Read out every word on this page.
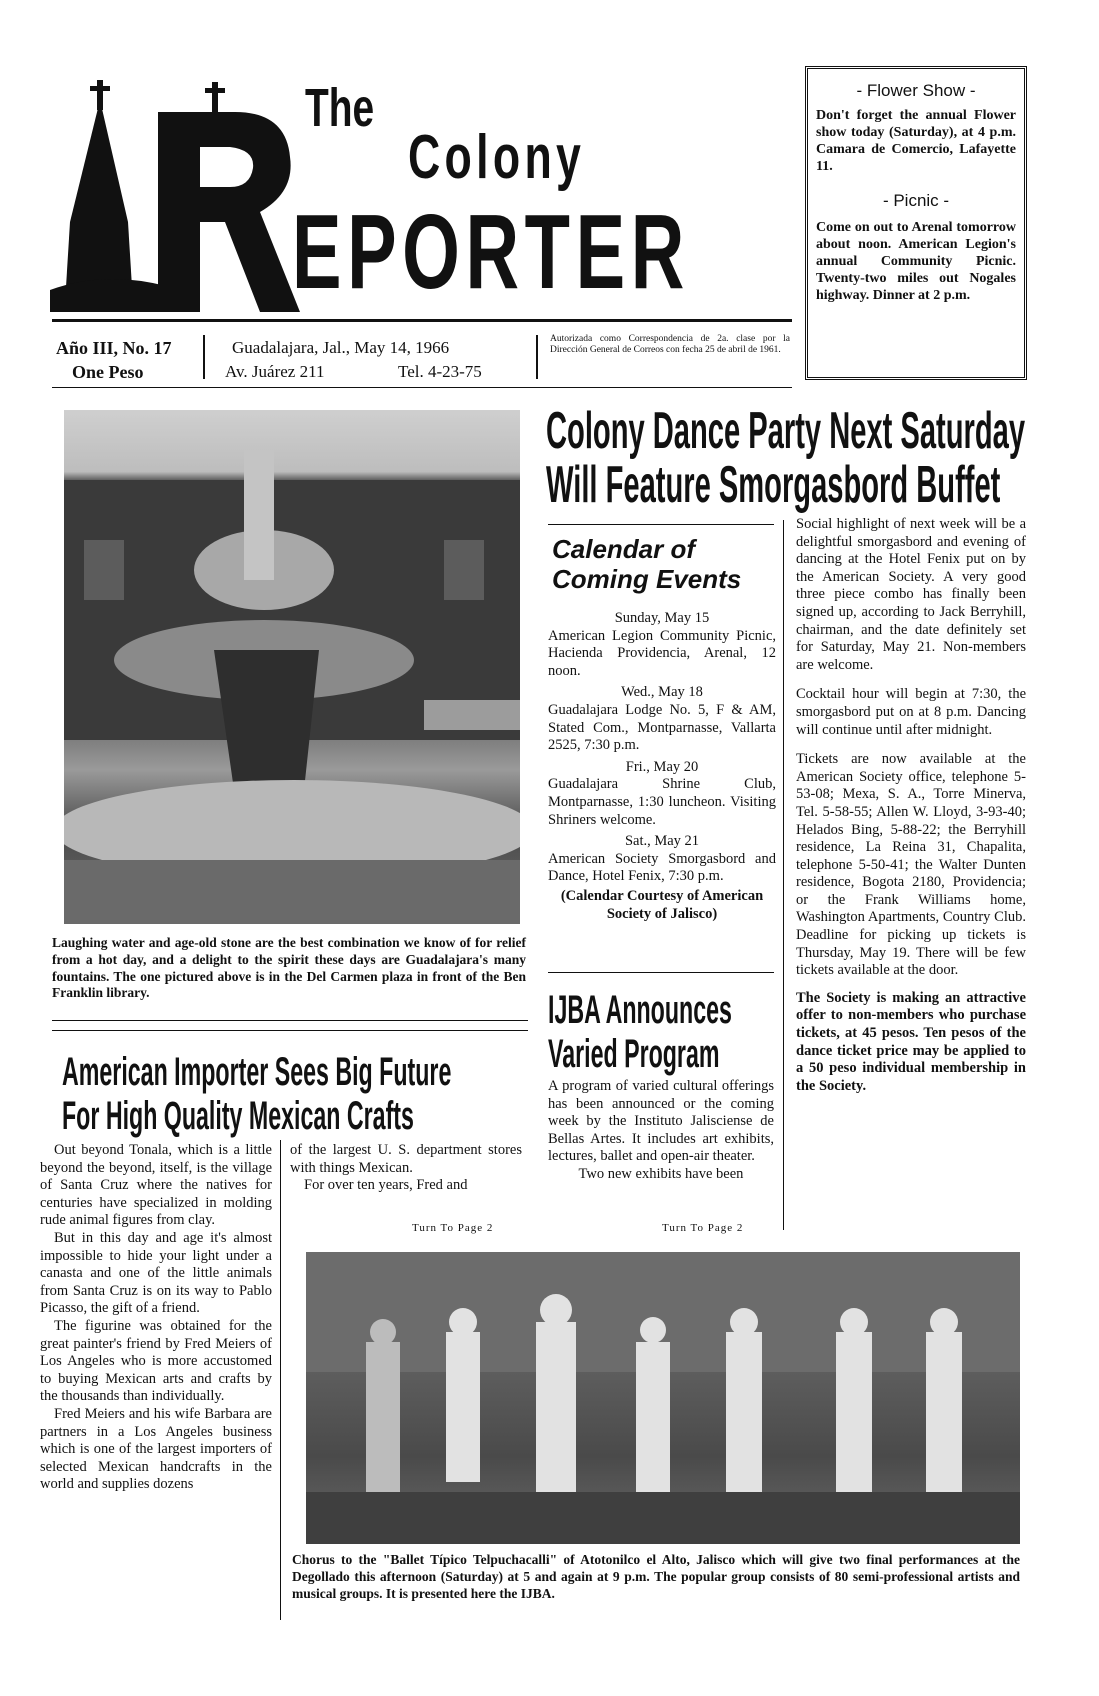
The
Colony
EPORTER
Año III, No. 17
One Peso
Guadalajara, Jal., May 14, 1966
Av. Juárez 211	Tel. 4-23-75
Autorizada como Correspondencia de 2a. clase por la Dirección General de Correos con fecha 25 de abril de 1961.
- Flower Show -
Don't forget the annual Flower show today (Saturday), at 4 p.m. Camara de Comercio, Lafayette 11.
- Picnic -
Come on out to Arenal tomorrow about noon. American Legion's annual Community Picnic. Twenty-two miles out Nogales highway. Dinner at 2 p.m.
Laughing water and age-old stone are the best combination we know of for relief from a hot day, and a delight to the spirit these days are Guadalajara's many fountains. The one pictured above is in the Del Carmen plaza in front of the Ben Franklin library.
Colony Dance Party Next Saturday
Will Feature Smorgasbord Buffet

Social highlight of next week will be a delightful smorgasbord and evening of dancing at the Hotel Fenix put on by the American Society. A very good three piece combo has finally been signed up, according to Jack Berryhill, chairman, and the date definitely set for Saturday, May 21. Non-members are welcome.

Cocktail hour will begin at 7:30, the smorgasbord put on at 8 p.m. Dancing will continue until after midnight.

Tickets are now available at the American Society office, telephone 5-53-08; Mexa, S. A., Torre Minerva, Tel. 5-58-55; Allen W. Lloyd, 3-93-40; Helados Bing, 5-88-22; the Berryhill residence, La Reina 31, Chapalita, telephone 5-50-41; the Walter Dunten residence, Bogota 2180, Providencia; or the Frank Williams home, Washington Apartments, Country Club. Deadline for picking up tickets is Thursday, May 19. There will be few tickets available at the door.

The Society is making an attractive offer to non-members who purchase tickets, at 45 pesos. Ten pesos of the dance ticket price may be applied to a 50 peso individual membership in the Society.

Calendar of
Coming Events
Sunday, May 15
American Legion Community Picnic, Hacienda Providencia, Arenal, 12 noon.
Wed., May 18
Guadalajara Lodge No. 5, F & AM, Stated Com., Montparnasse, Vallarta 2525, 7:30 p.m.
Fri., May 20
Guadalajara Shrine Club, Montparnasse, 1:30 luncheon. Visiting Shriners welcome.
Sat., May 21
American Society Smorgasbord and Dance, Hotel Fenix, 7:30 p.m.
(Calendar Courtesy of American Society of Jalisco)
IJBA Announces
Varied Program

A program of varied cultural offerings has been announced or the coming week by the Instituto Jalisciense de Bellas Artes. It includes art exhibits, lectures, ballet and open-air theater.

Two new exhibits have been

Turn To Page 2
American Importer Sees Big Future
For High Quality Mexican Crafts

Out beyond Tonala, which is a little beyond the beyond, itself, is the village of Santa Cruz where the natives for centuries have specialized in molding rude animal figures from clay.

But in this day and age it's almost impossible to hide your light under a canasta and one of the little animals from Santa Cruz is on its way to Pablo Picasso, the gift of a friend.

The figurine was obtained for the great painter's friend by Fred Meiers of Los Angeles who is more accustomed to buying Mexican arts and crafts by the thousands than individually.

Fred Meiers and his wife Barbara are partners in a Los Angeles business which is one of the largest importers of selected Mexican handcrafts in the world and supplies dozens

of the largest U. S. department stores with things Mexican.

For over ten years, Fred and

Turn To Page 2
Chorus to the "Ballet Típico Telpuchacalli" of Atotonilco el Alto, Jalisco which will give two final performances at the Degollado this afternoon (Saturday) at 5 and again at 9 p.m. The popular group consists of 80 semi-professional artists and musical groups. It is presented here the IJBA.
